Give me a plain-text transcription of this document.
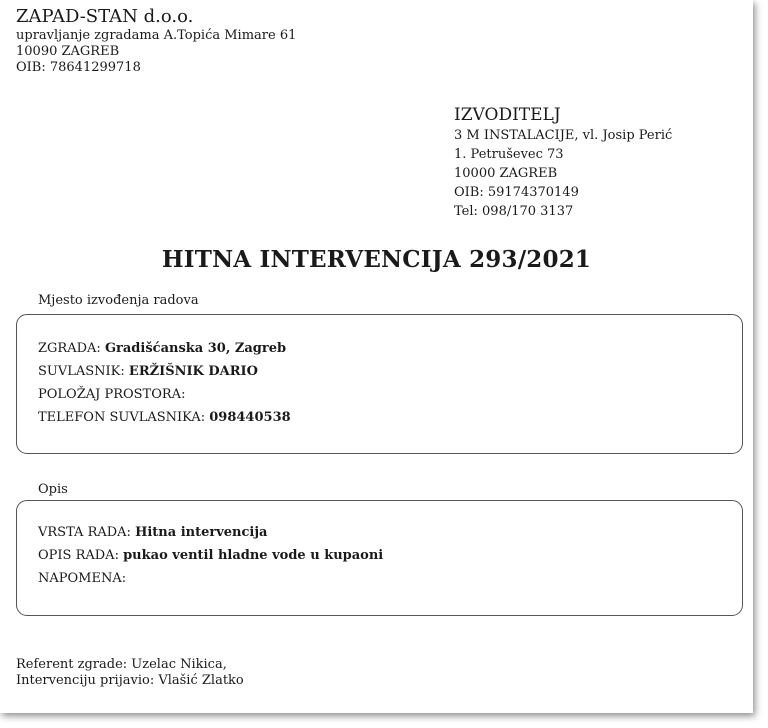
ZAPAD-STAN d.o.o.
upravljanje zgradama A.Topića Mimare 61
10090 ZAGREB
OIB: 78641299718
IZVODITELJ
3 M INSTALACIJE, vl. Josip Perić
1. Petruševec 73
10000 ZAGREB
OIB: 59174370149
Tel: 098/170 3137
HITNA INTERVENCIJA 293/2021
Mjesto izvođenja radova
ZGRADA: Gradišćanska 30, Zagreb
SUVLASNIK: ERŽIŠNIK DARIO
POLOŽAJ PROSTORA:
TELEFON SUVLASNIKA: 098440538
Opis
VRSTA RADA: Hitna intervencija
OPIS RADA: pukao ventil hladne vode u kupaoni
NAPOMENA:
Referent zgrade: Uzelac Nikica,
Intervenciju prijavio: Vlašić Zlatko
